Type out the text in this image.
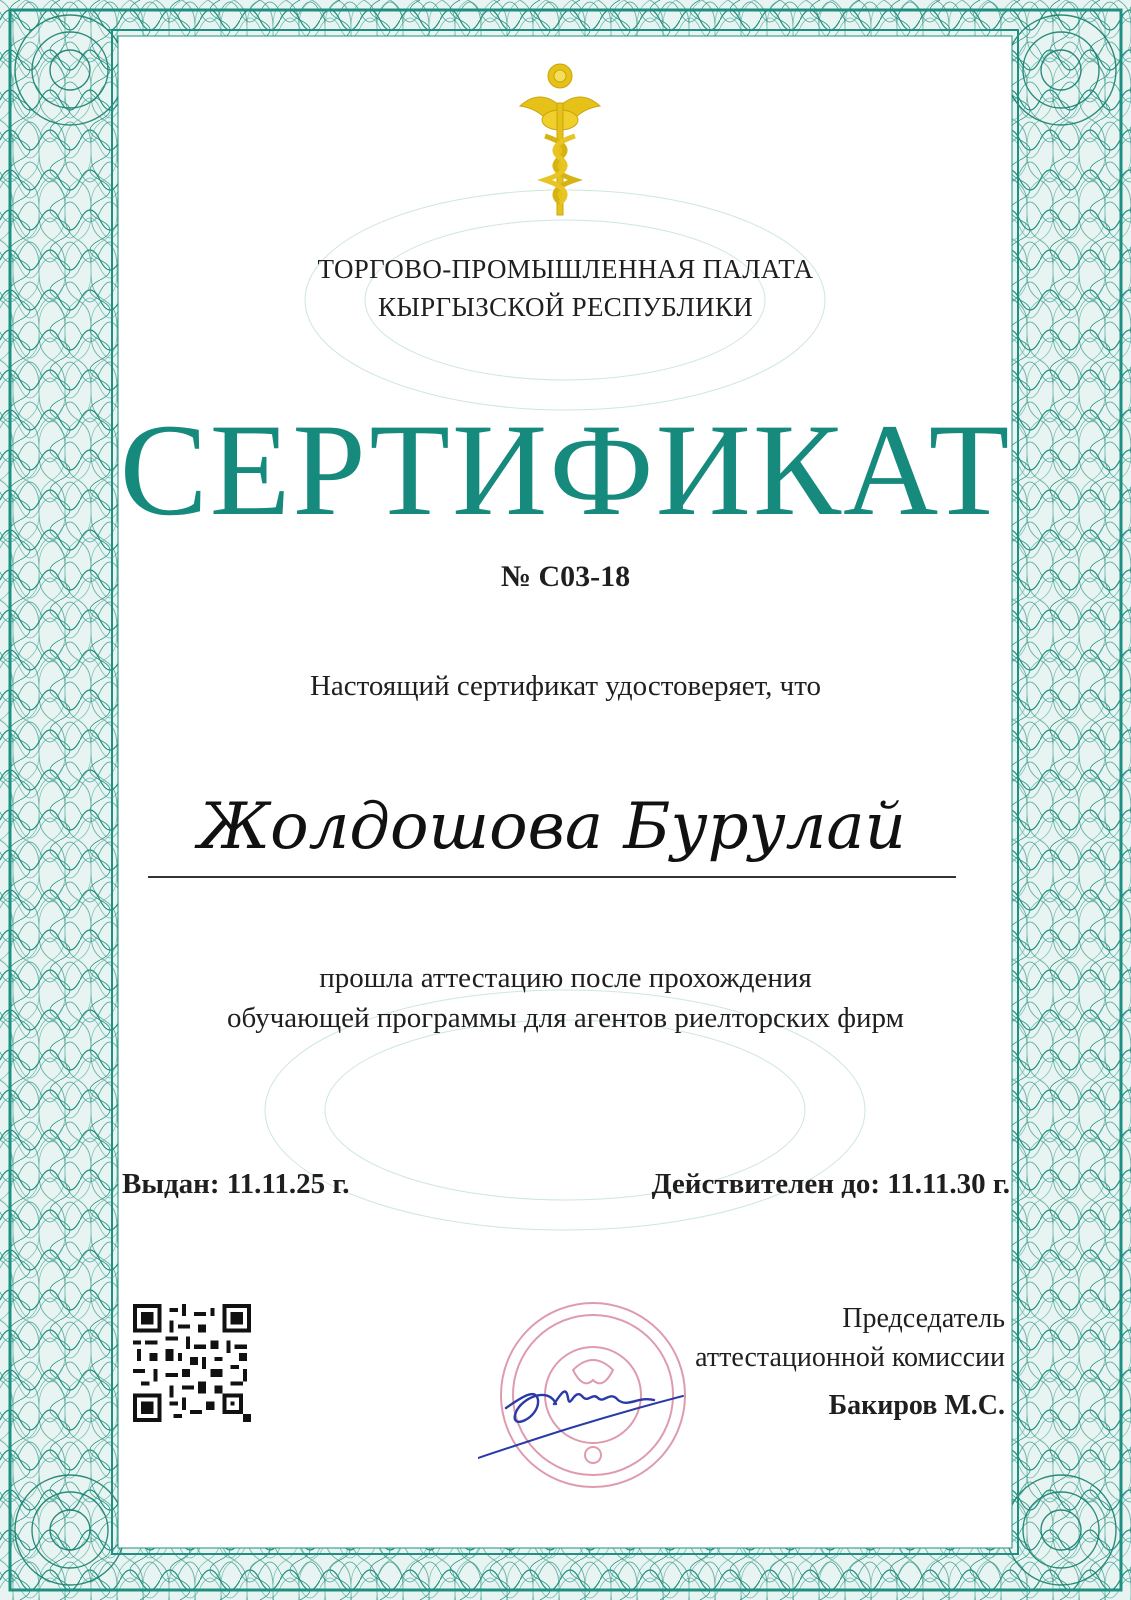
ТОРГОВО-ПРОМЫШЛЕННАЯ ПАЛАТА
КЫРГЫЗСКОЙ РЕСПУБЛИКИ
СЕРТИФИКАТ
№ С03-18
Настоящий сертификат удостоверяет, что
Жолдошова Бурулай
прошла аттестацию после прохождения
обучающей программы для агентов риелторских фирм
Выдан: 11.11.25 г.	Действителен до: 11.11.30 г.
Председатель
аттестационной комиссии
Бакиров М.С.
